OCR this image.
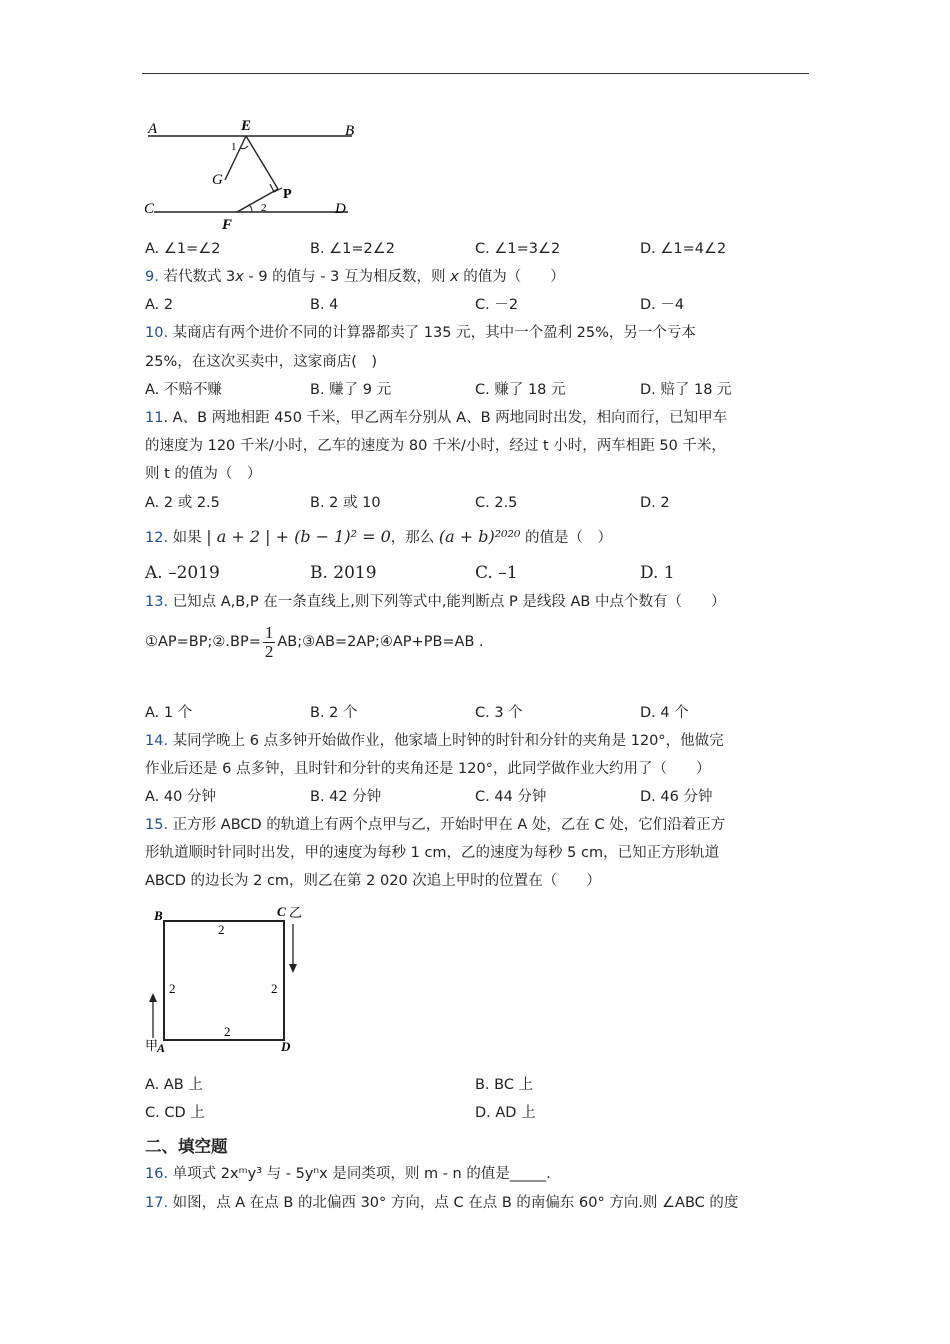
A	B
E
G
P
C	D
F
1
2
A. ∠1=∠2	B. ∠1=2∠2	C. ∠1=3∠2	D. ∠1=4∠2
9. 若代数式 3x - 9 的值与 - 3 互为相反数，则 x 的值为（　　）
A. 2	B. 4	C. －2	D. －4
10. 某商店有两个进价不同的计算器都卖了 135 元，其中一个盈利 25%，另一个亏本
25%，在这次买卖中，这家商店(　)
A. 不赔不赚	B. 赚了 9 元	C. 赚了 18 元	D. 赔了 18 元
11. A、B 两地相距 450 千米，甲乙两车分别从 A、B 两地同时出发，相向而行，已知甲车
的速度为 120 千米/小时，乙车的速度为 80 千米/小时，经过 t 小时，两车相距 50 千米，
则 t 的值为（　）
A. 2 或 2.5	B. 2 或 10	C. 2.5	D. 2
12. 如果 | a + 2 | + (b − 1)² = 0，那么 (a + b)²⁰²⁰ 的值是（　）
A. –2019	B. 2019	C. –1	D. 1
13. 已知点 A,B,P 在一条直线上,则下列等式中,能判断点 P 是线段 AB 中点个数有（　　）
①AP=BP;②.BP= $\frac{1}{2}$ AB;③AB=2AP;④AP+PB=AB .
A. 1 个	B. 2 个	C. 3 个	D. 4 个
14. 某同学晚上 6 点多钟开始做作业，他家墙上时钟的时针和分针的夹角是 120°，他做完
作业后还是 6 点多钟，且时针和分针的夹角还是 120°，此同学做作业大约用了（　　）
A. 40 分钟	B. 42 分钟	C. 44 分钟	D. 46 分钟
15. 正方形 ABCD 的轨道上有两个点甲与乙，开始时甲在 A 处，乙在 C 处，它们沿着正方
形轨道顺时针同时出发，甲的速度为每秒 1 cm，乙的速度为每秒 5 cm，已知正方形轨道
ABCD 的边长为 2 cm，则乙在第 2 020 次追上甲时的位置在（　　）
B	C 乙
甲
A	D
2
2	2
2
A. AB 上	B. BC 上
C. CD 上	D. AD 上
二、填空题
16. 单项式 2xᵐy³ 与 - 5yⁿx 是同类项，则 m - n 的值是_____.
17. 如图，点 A 在点 B 的北偏西 30° 方向，点 C 在点 B 的南偏东 60° 方向.则 ∠ABC 的度
